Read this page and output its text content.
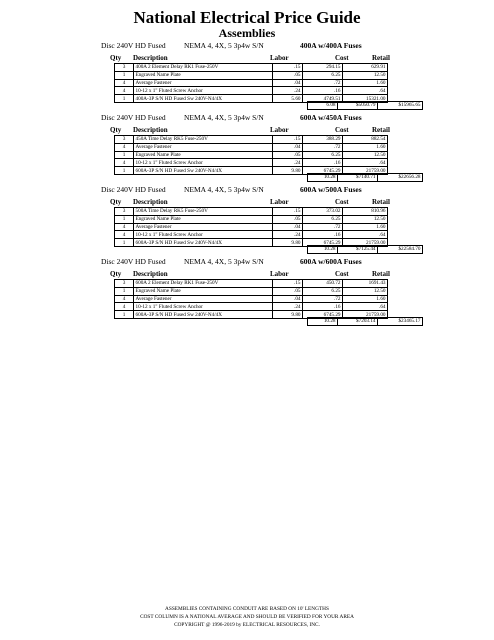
National Electrical Price Guide
Assemblies
Disc 240V HD Fused NEMA 4, 4X, 5 3p4w S/N	400A w/400A Fuses
Qty Description	Labor	Cost	Retail
3	400A 2 Element Delay RK1 Fuse-250V	.15	294.15	629.91
1	Engraved Name Plate	.05	6.25	12.50
4	Average Fastener	.04	.72	1.60
4	10-12 x 1" Fluted Screw Anchor	.24	.16	.64
1	400A-3P S/N HD Fused Sw 240V-N4/4X	5.60	4749.51	15321.00
6.08	$5050.79	$15965.65
Disc 240V HD Fused NEMA 4, 4X, 5 3p4w S/N	600A w/450A Fuses
Qty Description	Labor	Cost	Retail
3	450A Time Delay RK5 Fuse-250V	.15	388.29	882.54
4	Average Fastener	.04	.72	1.60
1	Engraved Name Plate	.05	6.25	12.50
4	10-12 x 1" Fluted Screw Anchor	.24	.16	.64
1	600A-3P S/N HD Fused Sw 240V-N4/4X	9.80	6745.29	21759.00
10.28	$7140.71	$22656.28
Disc 240V HD Fused NEMA 4, 4X, 5 3p4w S/N	600A w/500A Fuses
Qty Description	Labor	Cost	Retail
3	500A Time Delay RK5 Fuse-250V	.15	373.02	810.96
1	Engraved Name Plate	.05	6.25	12.50
4	Average Fastener	.04	.72	1.60
4	10-12 x 1" Fluted Screw Anchor	.24	.16	.64
1	600A-3P S/N HD Fused Sw 240V-N4/4X	9.80	6745.29	21759.00
10.28	$7125.44	$22584.70
Disc 240V HD Fused NEMA 4, 4X, 5 3p4w S/N	600A w/600A Fuses
Qty Description	Labor	Cost	Retail
3	600A 2 Element Delay RK1 Fuse-250V	.15	450.72	1691.43
1	Engraved Name Plate	.05	6.25	12.50
4	Average Fastener	.04	.72	1.60
4	10-12 x 1" Fluted Screw Anchor	.24	.16	.64
1	600A-3P S/N HD Fused Sw 240V-N4/4X	9.80	6745.29	21759.00
10.28	$7203.14	$23465.17
ASSEMBLIES CONTAINING CONDUIT ARE BASED ON 10' LENGTHS
COST COLUMN IS A NATIONAL AVERAGE AND SHOULD BE VERIFIED FOR YOUR AREA
COPYRIGHT @ 1996-2019 by ELECTRICAL RESOURCES, INC.
